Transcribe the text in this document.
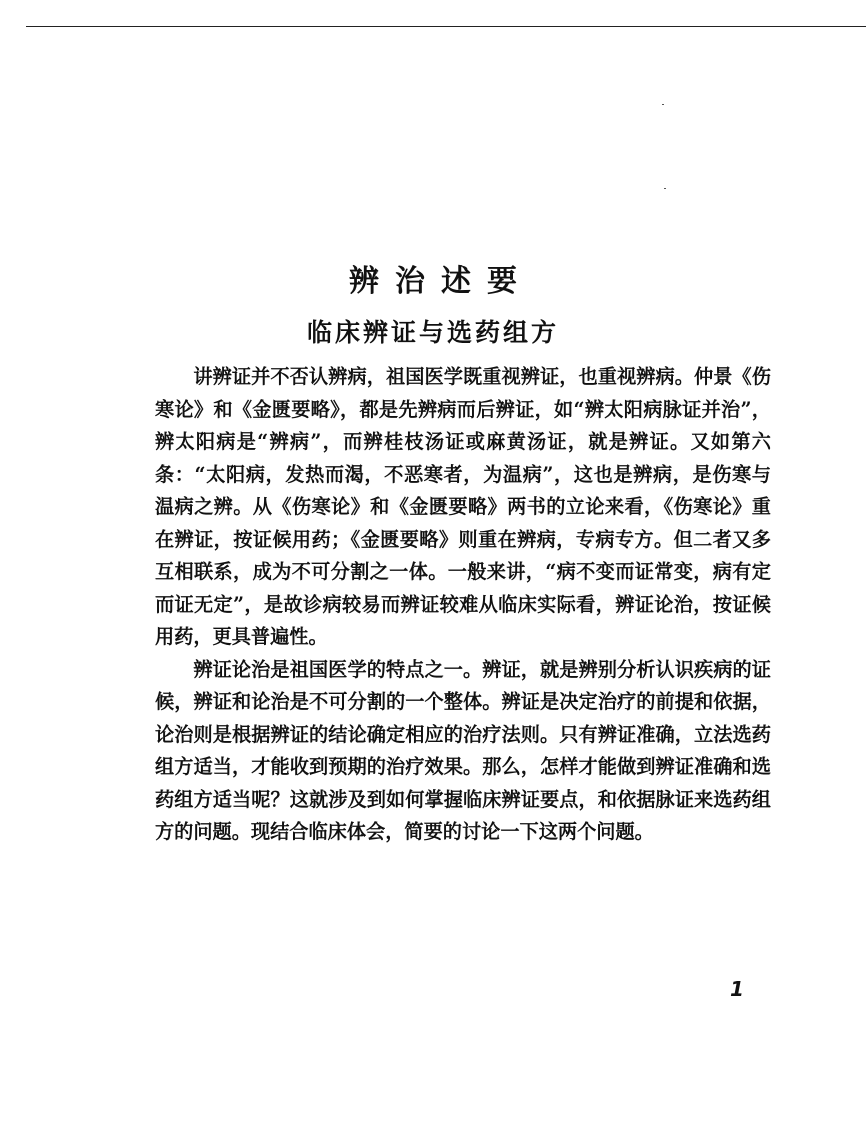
辨治述要
临床辨证与选药组方

讲辨证并不否认辨病，祖国医学既重视辨证，也重视辨病。仲景《伤寒论》和《金匮要略》，都是先辨病而后辨证，如“辨太阳病脉证并治”，辨太阳病是“辨病”，而辨桂枝汤证或麻黄汤证，就是辨证。又如第六条：“太阳病，发热而渴，不恶寒者，为温病”，这也是辨病，是伤寒与温病之辨。从《伤寒论》和《金匮要略》两书的立论来看，《伤寒论》重在辨证，按证候用药；《金匮要略》则重在辨病，专病专方。但二者又多互相联系，成为不可分割之一体。一般来讲，“病不变而证常变，病有定而证无定”，是故诊病较易而辨证较难从临床实际看，辨证论治，按证候用药，更具普遍性。

辨证论治是祖国医学的特点之一。辨证，就是辨别分析认识疾病的证候，辨证和论治是不可分割的一个整体。辨证是决定治疗的前提和依据，论治则是根据辨证的结论确定相应的治疗法则。只有辨证准确，立法选药组方适当，才能收到预期的治疗效果。那么，怎样才能做到辨证准确和选药组方适当呢？这就涉及到如何掌握临床辨证要点，和依据脉证来选药组方的问题。现结合临床体会，简要的讨论一下这两个问题。

1
